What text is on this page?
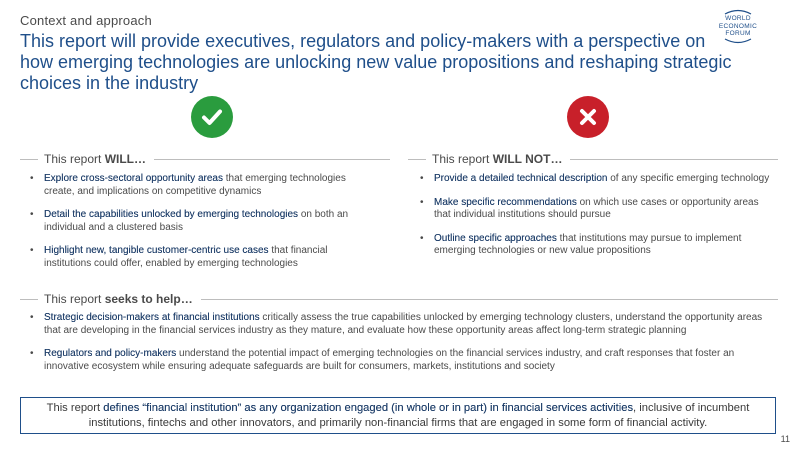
Context and approach
This report will provide executives, regulators and policy-makers with a perspective on how emerging technologies are unlocking new value propositions and reshaping strategic choices in the industry
WORLD
ECONOMIC
FORUM
This report WILL…
• Explore cross-sectoral opportunity areas that emerging technologies create, and implications on competitive dynamics
• Detail the capabilities unlocked by emerging technologies on both an individual and a clustered basis
• Highlight new, tangible customer-centric use cases that financial institutions could offer, enabled by emerging technologies
This report WILL NOT…
• Provide a detailed technical description of any specific emerging technology
• Make specific recommendations on which use cases or opportunity areas that individual institutions should pursue
• Outline specific approaches that institutions may pursue to implement emerging technologies or new value propositions
This report seeks to help…
• Strategic decision-makers at financial institutions critically assess the true capabilities unlocked by emerging technology clusters, understand the opportunity areas that are developing in the financial services industry as they mature, and evaluate how these opportunity areas affect long-term strategic planning
• Regulators and policy-makers understand the potential impact of emerging technologies on the financial services industry, and craft responses that foster an innovative ecosystem while ensuring adequate safeguards are built for consumers, markets, institutions and society
This report defines “financial institution” as any organization engaged (in whole or in part) in financial services activities, inclusive of incumbent institutions, fintechs and other innovators, and primarily non-financial firms that are engaged in some form of financial activity.
11
